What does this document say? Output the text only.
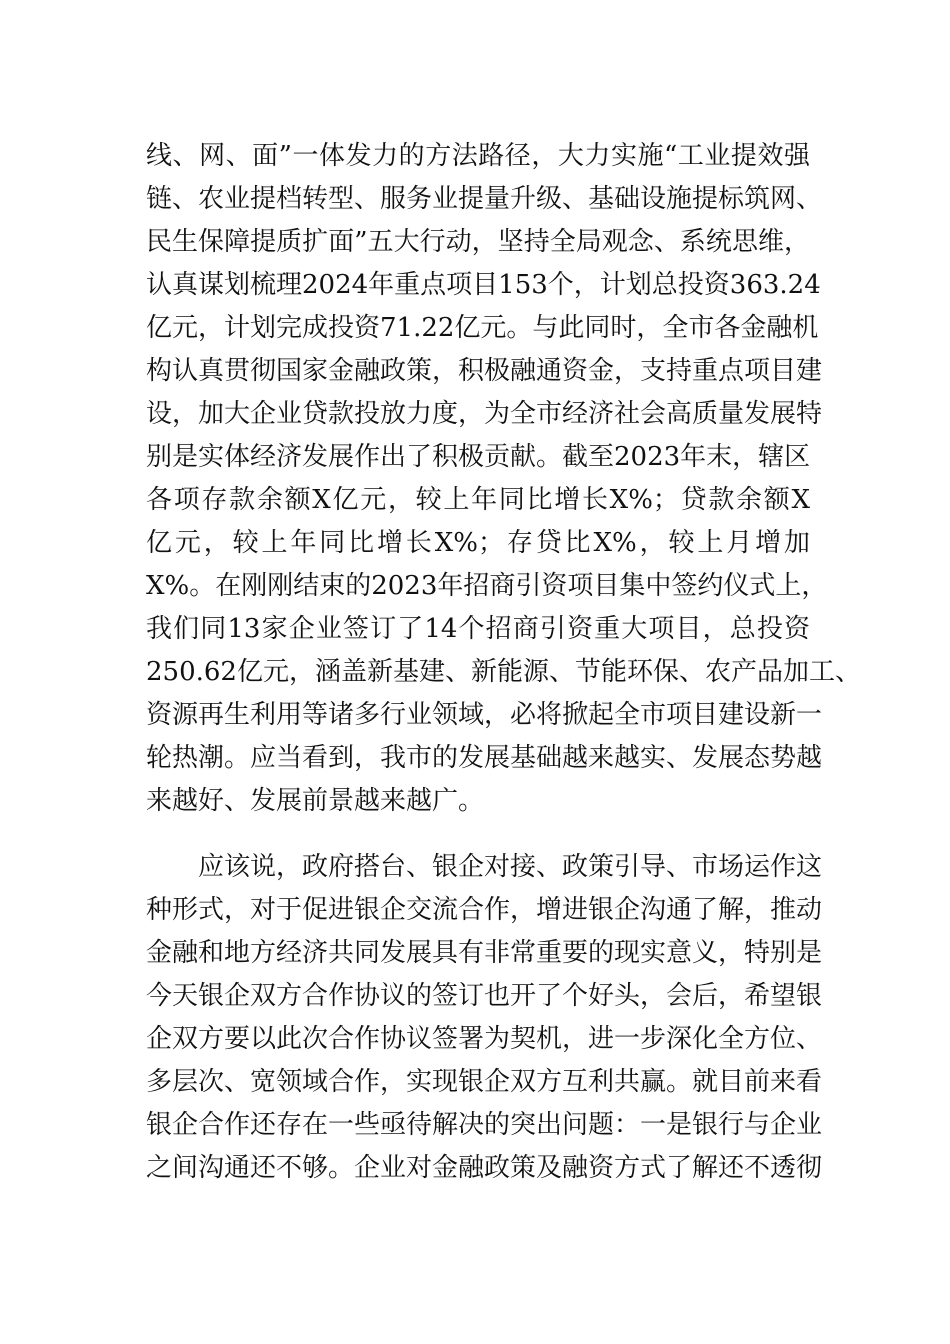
线、网、面”一体发力的方法路径，大力实施“工业提效强
链、农业提档转型、服务业提量升级、基础设施提标筑网、
民生保障提质扩面”五大行动，坚持全局观念、系统思维，
认真谋划梳理2024年重点项目153个，计划总投资363.24
亿元，计划完成投资71.22亿元。与此同时，全市各金融机
构认真贯彻国家金融政策，积极融通资金，支持重点项目建
设，加大企业贷款投放力度，为全市经济社会高质量发展特
别是实体经济发展作出了积极贡献。截至2023年末，辖区
各项存款余额X亿元，较上年同比增长X%；贷款余额X
亿元，较上年同比增长X%；存贷比X%，较上月增加
X%。在刚刚结束的2023年招商引资项目集中签约仪式上，
我们同13家企业签订了14个招商引资重大项目，总投资
250.62亿元，涵盖新基建、新能源、节能环保、农产品加工、
资源再生利用等诸多行业领域，必将掀起全市项目建设新一
轮热潮。应当看到，我市的发展基础越来越实、发展态势越
来越好、发展前景越来越广。
应该说，政府搭台、银企对接、政策引导、市场运作这
种形式，对于促进银企交流合作，增进银企沟通了解，推动
金融和地方经济共同发展具有非常重要的现实意义，特别是
今天银企双方合作协议的签订也开了个好头，会后，希望银
企双方要以此次合作协议签署为契机，进一步深化全方位、
多层次、宽领域合作，实现银企双方互利共赢。就目前来看
银企合作还存在一些亟待解决的突出问题：一是银行与企业
之间沟通还不够。企业对金融政策及融资方式了解还不透彻
